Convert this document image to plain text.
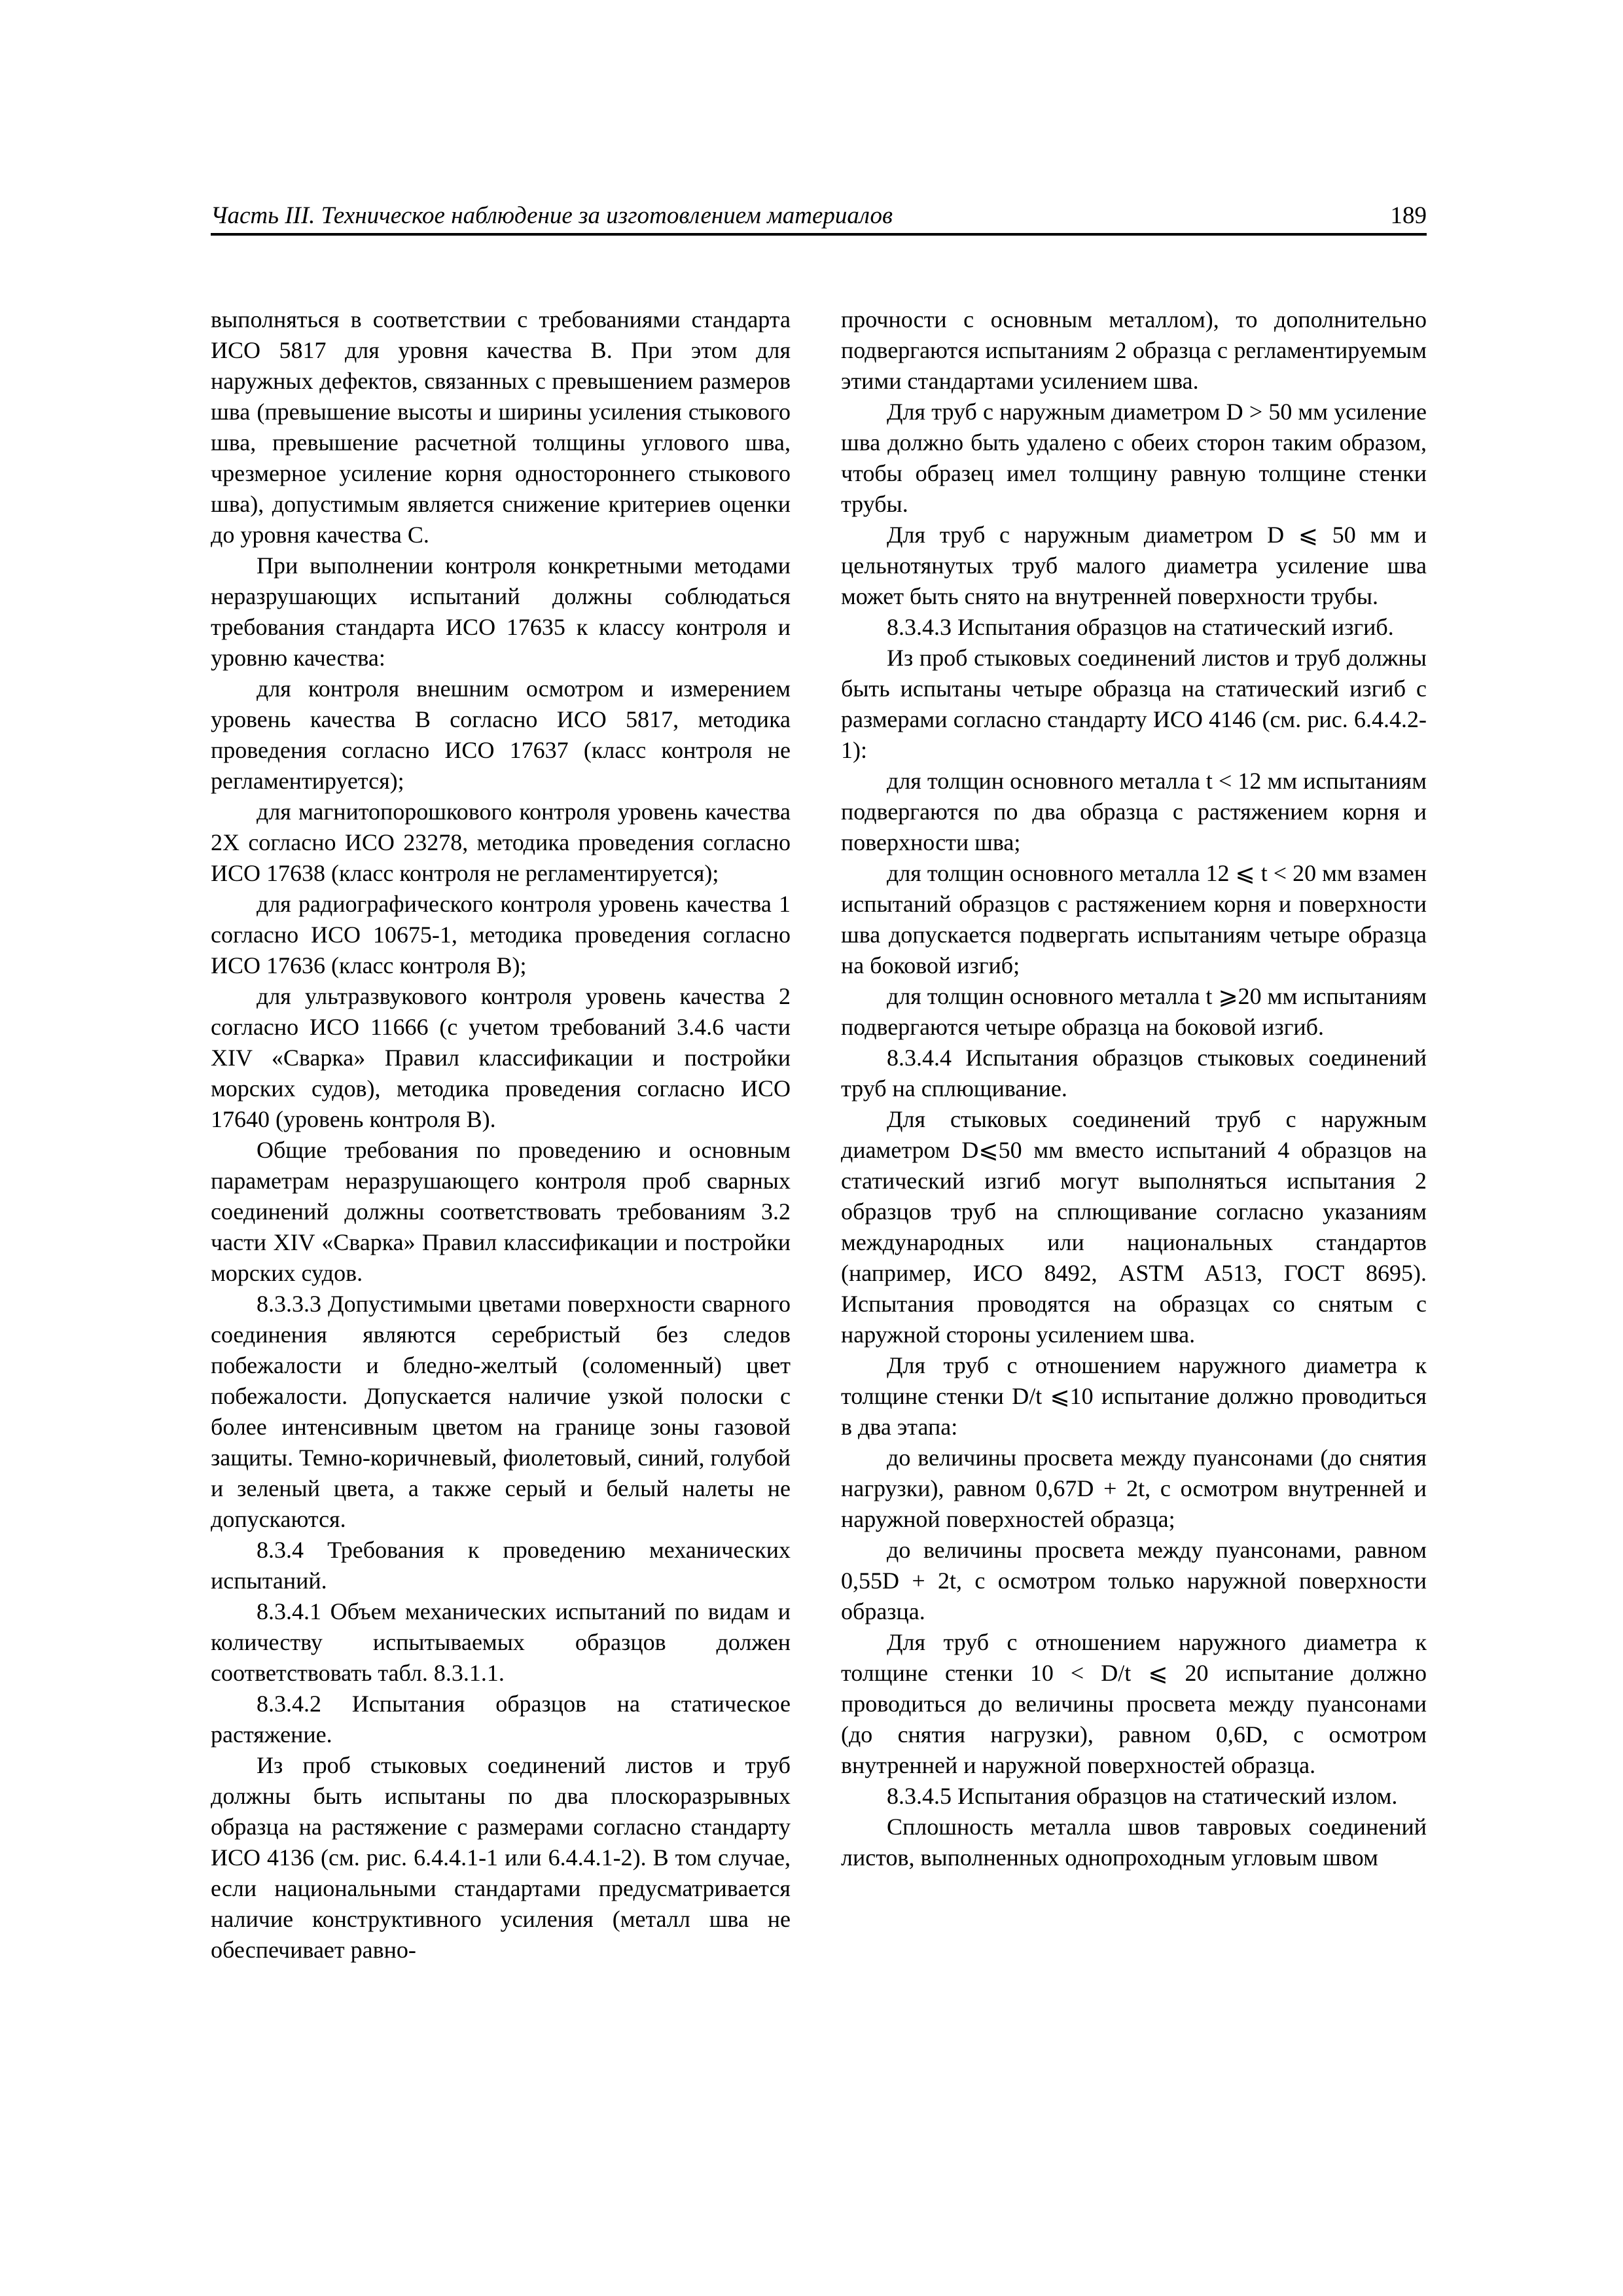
Часть III. Техническое наблюдение за изготовлением материалов	189

выполняться в соответствии с требованиями стандарта ИСО 5817 для уровня качества В. При этом для наружных дефектов, связанных с превышением размеров шва (превышение высоты и ширины усиления стыкового шва, превышение расчетной толщины углового шва, чрезмерное усиление корня одностороннего стыкового шва), допустимым является снижение критериев оценки до уровня качества С.

При выполнении контроля конкретными методами неразрушающих испытаний должны соблюдаться требования стандарта ИСО 17635 к классу контроля и уровню качества:

для контроля внешним осмотром и измерением уровень качества В согласно ИСО 5817, методика проведения согласно ИСО 17637 (класс контроля не регламентируется);

для магнитопорошкового контроля уровень качества 2Х согласно ИСО 23278, методика проведения согласно ИСО 17638 (класс контроля не регламентируется);

для радиографического контроля уровень качества 1 согласно ИСО 10675-1, методика проведения согласно ИСО 17636 (класс контроля В);

для ультразвукового контроля уровень качества 2 согласно ИСО 11666 (с учетом требований 3.4.6 части XIV «Сварка» Правил классификации и постройки морских судов), методика проведения согласно ИСО 17640 (уровень контроля В).

Общие требования по проведению и основным параметрам неразрушающего контроля проб сварных соединений должны соответствовать требованиям 3.2 части XIV «Сварка» Правил классификации и постройки морских судов.

8.3.3.3 Допустимыми цветами поверхности сварного соединения являются серебристый без следов побежалости и бледно-желтый (соломенный) цвет побежалости. Допускается наличие узкой полоски с более интенсивным цветом на границе зоны газовой защиты. Темно-коричневый, фиолетовый, синий, голубой и зеленый цвета, а также серый и белый налеты не допускаются.

8.3.4 Требования к проведению механических испытаний.

8.3.4.1 Объем механических испытаний по видам и количеству испытываемых образцов должен соответствовать табл. 8.3.1.1.

8.3.4.2 Испытания образцов на статическое растяжение.

Из проб стыковых соединений листов и труб должны быть испытаны по два плоскоразрывных образца на растяжение с размерами согласно стандарту ИСО 4136 (см. рис. 6.4.4.1-1 или 6.4.4.1-2). В том случае, если национальными стандартами предусматривается наличие конструктивного усиления (металл шва не обеспечивает равно-

прочности с основным металлом), то дополнительно подвергаются испытаниям 2 образца с регламентируемым этими стандартами усилением шва.

Для труб с наружным диаметром D > 50 мм усиление шва должно быть удалено с обеих сторон таким образом, чтобы образец имел толщину равную толщине стенки трубы.

Для труб с наружным диаметром D ⩽ 50 мм и цельнотянутых труб малого диаметра усиление шва может быть снято на внутренней поверхности трубы.

8.3.4.3 Испытания образцов на статический изгиб.

Из проб стыковых соединений листов и труб должны быть испытаны четыре образца на статический изгиб с размерами согласно стандарту ИСО 4146 (см. рис. 6.4.4.2-1):

для толщин основного металла t < 12 мм испытаниям подвергаются по два образца с растяжением корня и поверхности шва;

для толщин основного металла 12 ⩽ t < 20 мм взамен испытаний образцов с растяжением корня и поверхности шва допускается подвергать испытаниям четыре образца на боковой изгиб;

для толщин основного металла t ⩾20 мм испытаниям подвергаются четыре образца на боковой изгиб.

8.3.4.4 Испытания образцов стыковых соединений труб на сплющивание.

Для стыковых соединений труб с наружным диаметром D⩽50 мм вместо испытаний 4 образцов на статический изгиб могут выполняться испытания 2 образцов труб на сплющивание согласно указаниям международных или национальных стандартов (например, ИСО 8492, ASTM A513, ГОСТ 8695). Испытания проводятся на образцах со снятым с наружной стороны усилением шва.

Для труб с отношением наружного диаметра к толщине стенки D/t ⩽10 испытание должно проводиться в два этапа:

до величины просвета между пуансонами (до снятия нагрузки), равном 0,67D + 2t, с осмотром внутренней и наружной поверхностей образца;

до величины просвета между пуансонами, равном 0,55D + 2t, с осмотром только наружной поверхности образца.

Для труб с отношением наружного диаметра к толщине стенки 10 < D/t ⩽ 20 испытание должно проводиться до величины просвета между пуансонами (до снятия нагрузки), равном 0,6D, с осмотром внутренней и наружной поверхностей образца.

8.3.4.5 Испытания образцов на статический излом.

Сплошность металла швов тавровых соединений листов, выполненных однопроходным угловым швом
